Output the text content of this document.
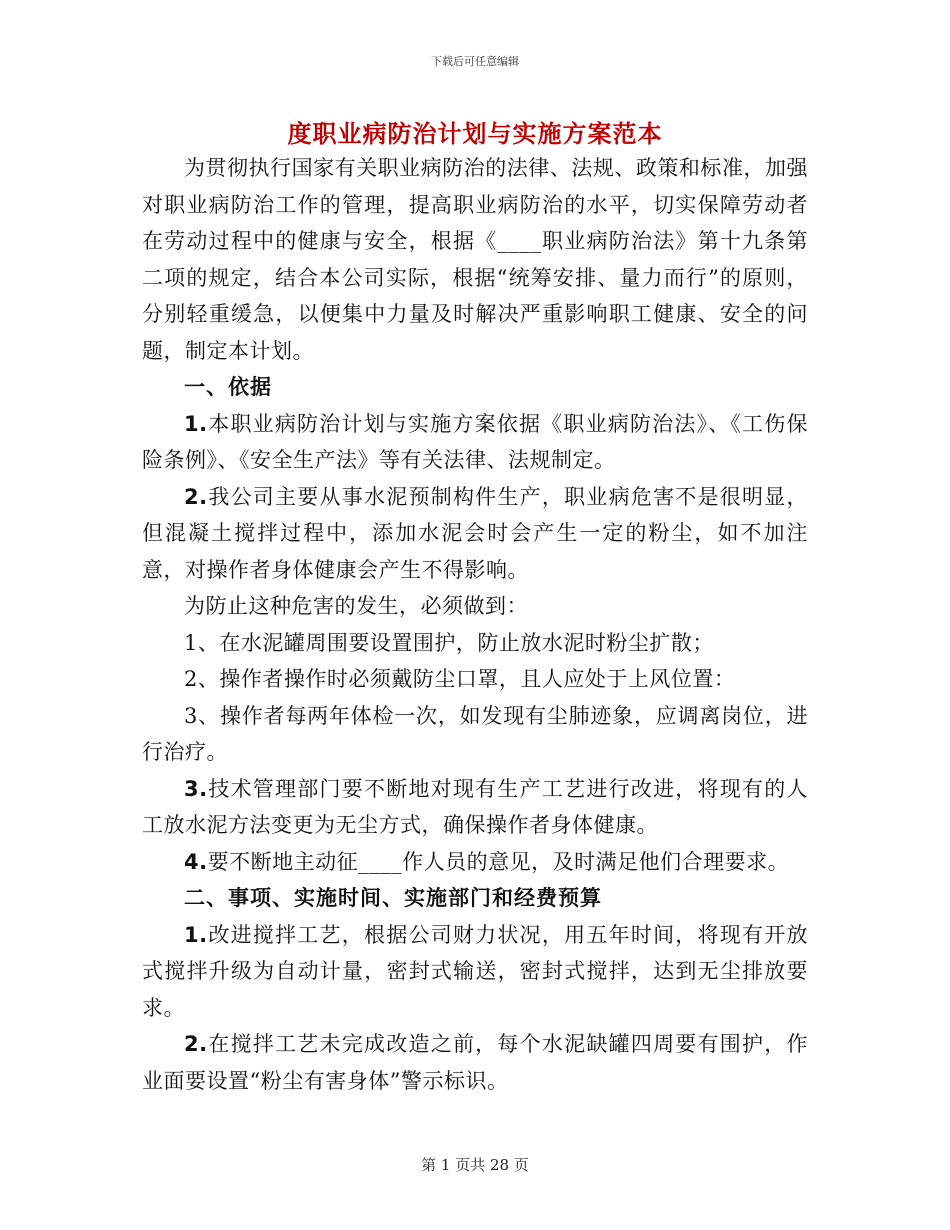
下载后可任意编辑
度职业病防治计划与实施方案范本

为贯彻执行国家有关职业病防治的法律、法规、政策和标准，加强对职业病防治工作的管理，提高职业病防治的水平，切实保障劳动者在劳动过程中的健康与安全，根据《____职业病防治法》第十九条第二项的规定，结合本公司实际，根据“统筹安排、量力而行”的原则，分别轻重缓急，以便集中力量及时解决严重影响职工健康、安全的问题，制定本计划。

一、依据

1.本职业病防治计划与实施方案依据《职业病防治法》、《工伤保险条例》、《安全生产法》等有关法律、法规制定。

2.我公司主要从事水泥预制构件生产，职业病危害不是很明显，但混凝土搅拌过程中，添加水泥会时会产生一定的粉尘，如不加注意，对操作者身体健康会产生不得影响。

为防止这种危害的发生，必须做到：

1、在水泥罐周围要设置围护，防止放水泥时粉尘扩散；

2、操作者操作时必须戴防尘口罩，且人应处于上风位置：

3、操作者每两年体检一次，如发现有尘肺迹象，应调离岗位，进行治疗。

3.技术管理部门要不断地对现有生产工艺进行改进，将现有的人工放水泥方法变更为无尘方式，确保操作者身体健康。

4.要不断地主动征____作人员的意见，及时满足他们合理要求。

二、事项、实施时间、实施部门和经费预算

1.改进搅拌工艺，根据公司财力状况，用五年时间，将现有开放式搅拌升级为自动计量，密封式输送，密封式搅拌，达到无尘排放要求。

2.在搅拌工艺未完成改造之前，每个水泥缺罐四周要有围护，作业面要设置“粉尘有害身体”警示标识。

第 1 页共 28 页
